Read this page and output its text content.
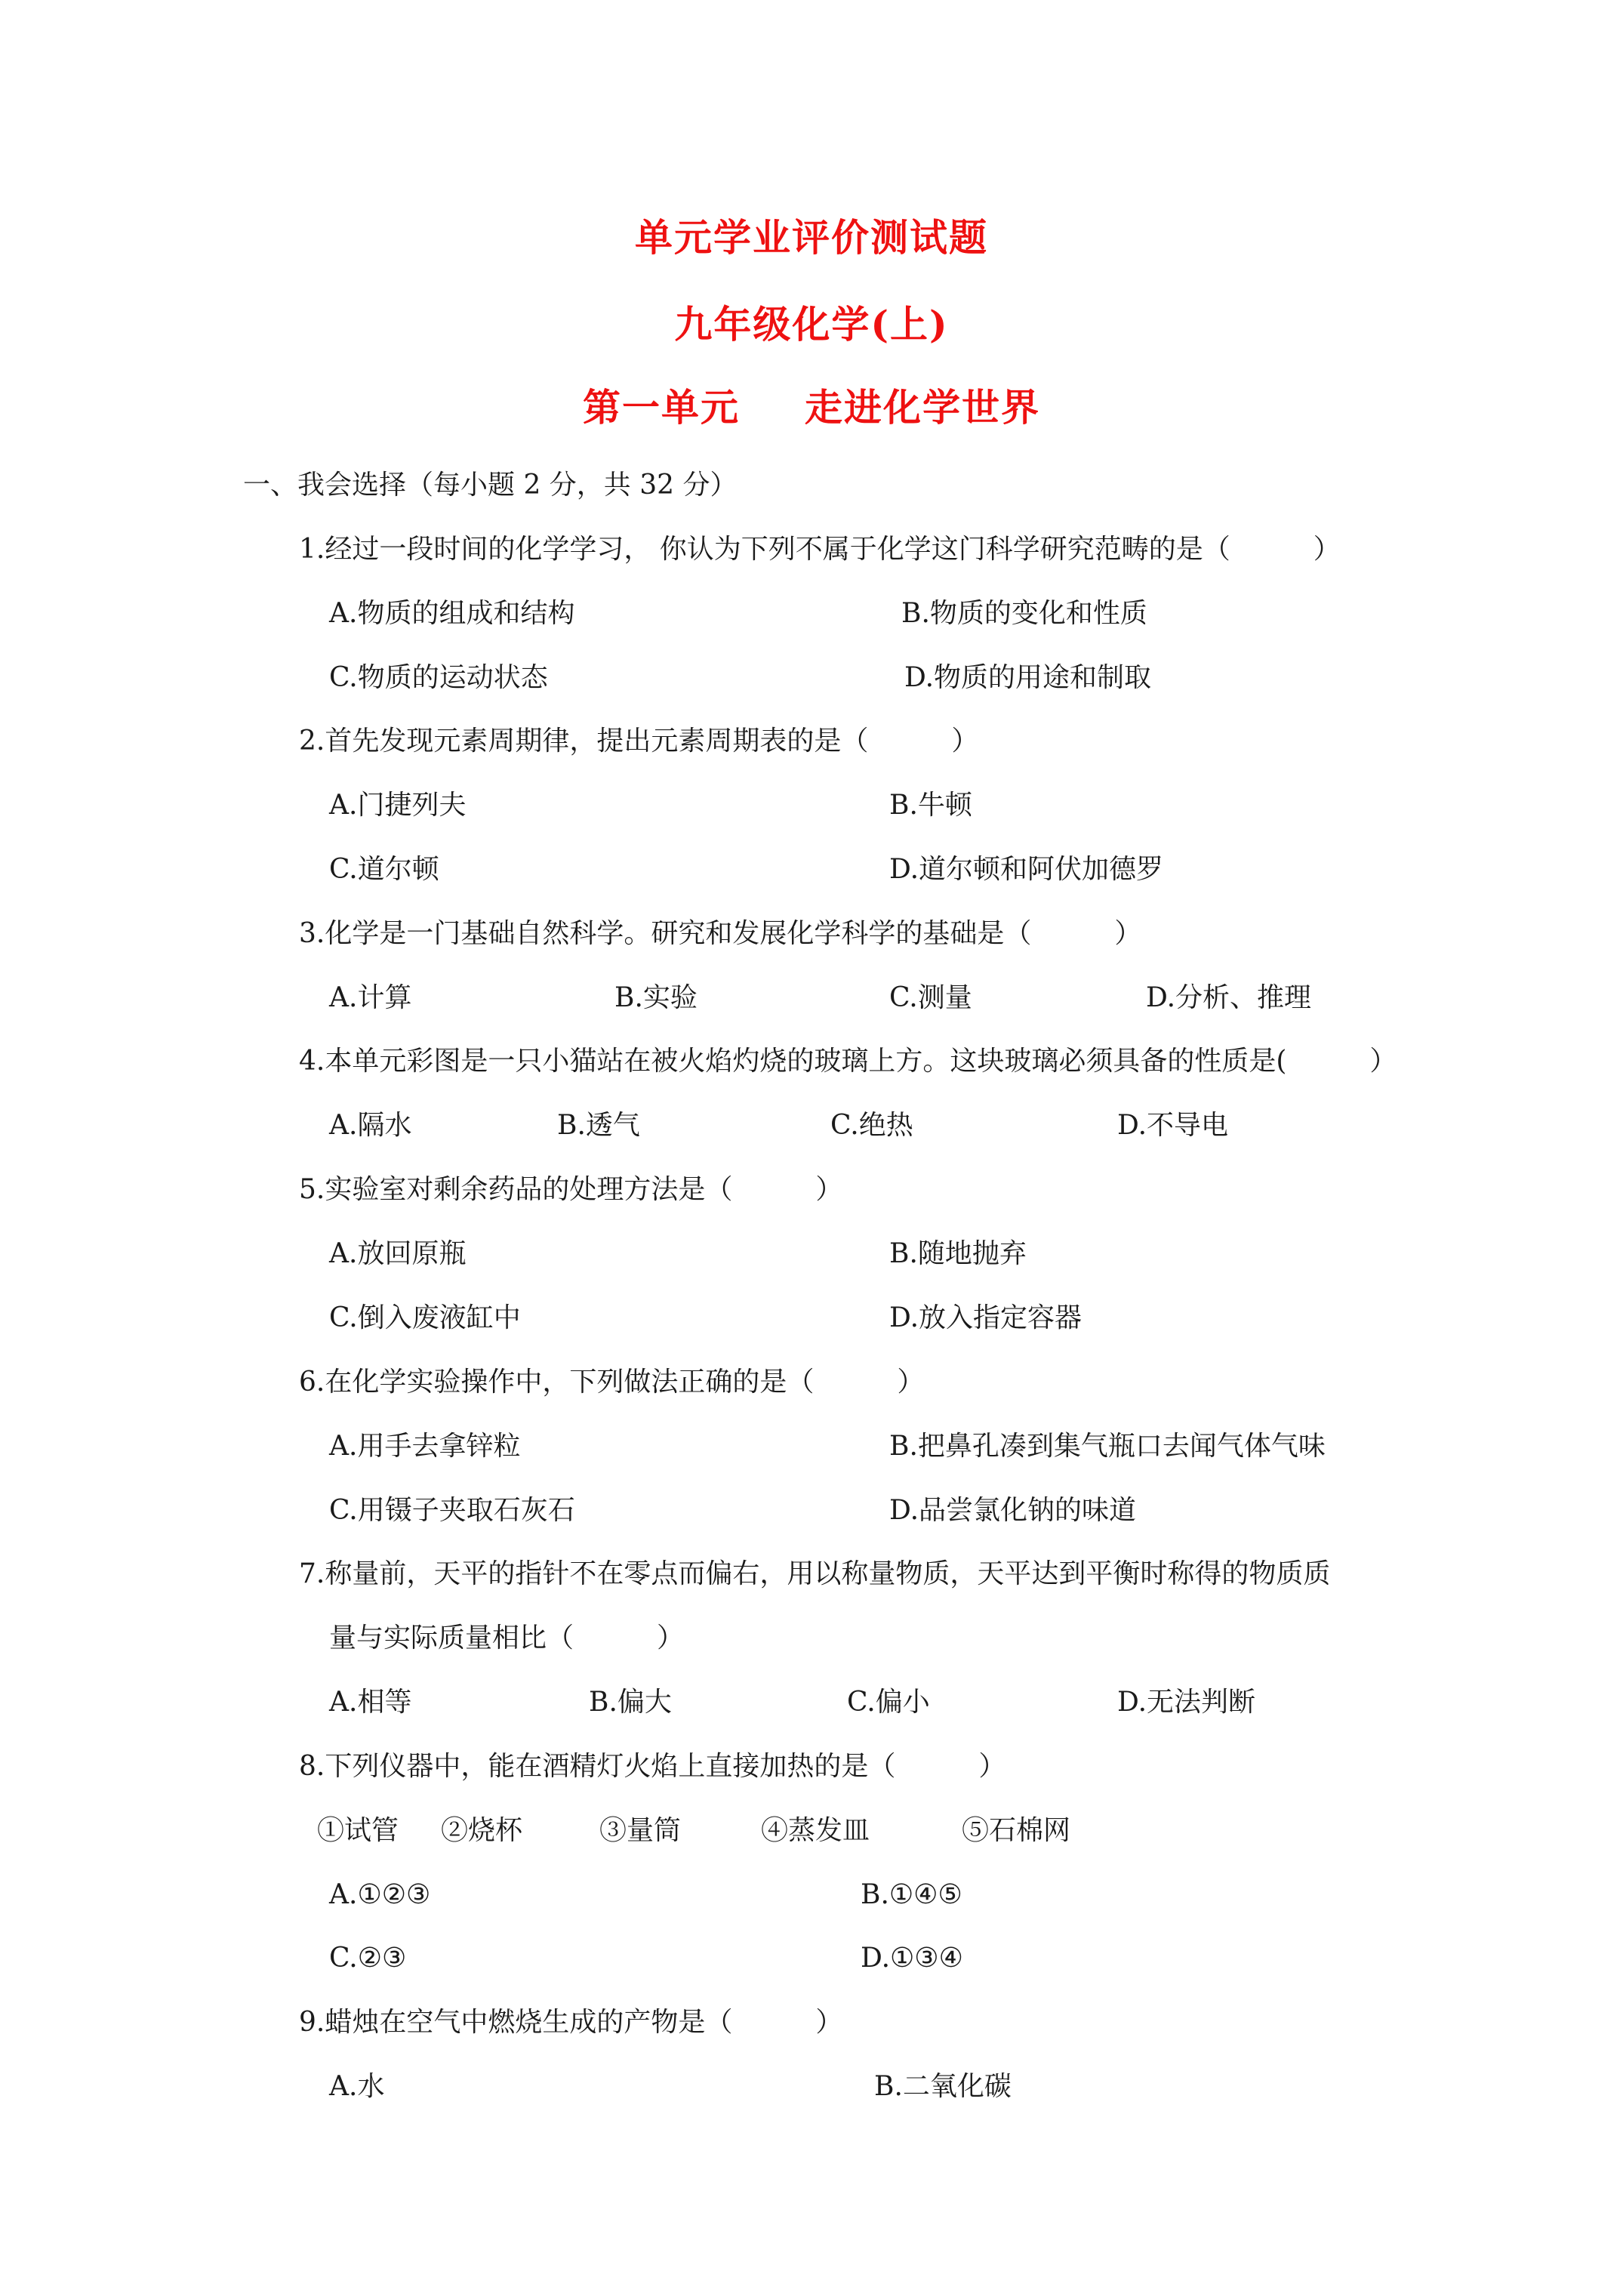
单元学业评价测试题
九年级化学(上)
第一单元 走进化学世界
一、我会选择（每小题 2 分，共 32 分）
1.经过一段时间的化学学习， 你认为下列不属于化学这门科学研究范畴的是（	）
A.物质的组成和结构	B.物质的变化和性质
C.物质的运动状态	D.物质的用途和制取
2.首先发现元素周期律，提出元素周期表的是（	）
A.门捷列夫	B.牛顿
C.道尔顿	D.道尔顿和阿伏加德罗
3.化学是一门基础自然科学。研究和发展化学科学的基础是（	）
A.计算	B.实验	C.测量	D.分析、推理
4.本单元彩图是一只小猫站在被火焰灼烧的玻璃上方。这块玻璃必须具备的性质是(	）
A.隔水	B.透气	C.绝热	D.不导电
5.实验室对剩余药品的处理方法是（	）
A.放回原瓶	B.随地抛弃
C.倒入废液缸中	D.放入指定容器
6.在化学实验操作中，下列做法正确的是（	）
A.用手去拿锌粒	B.把鼻孔凑到集气瓶口去闻气体气味
C.用镊子夹取石灰石	D.品尝氯化钠的味道
7.称量前，天平的指针不在零点而偏右，用以称量物质，天平达到平衡时称得的物质质
量与实际质量相比（	）
A.相等	B.偏大	C.偏小	D.无法判断
8.下列仪器中，能在酒精灯火焰上直接加热的是（	）
①试管 ②烧杯	③量筒	④蒸发皿	⑤石棉网
A.①②③	B.①④⑤
C.②③	D.①③④
9.蜡烛在空气中燃烧生成的产物是（	）
A.水	B.二氧化碳
